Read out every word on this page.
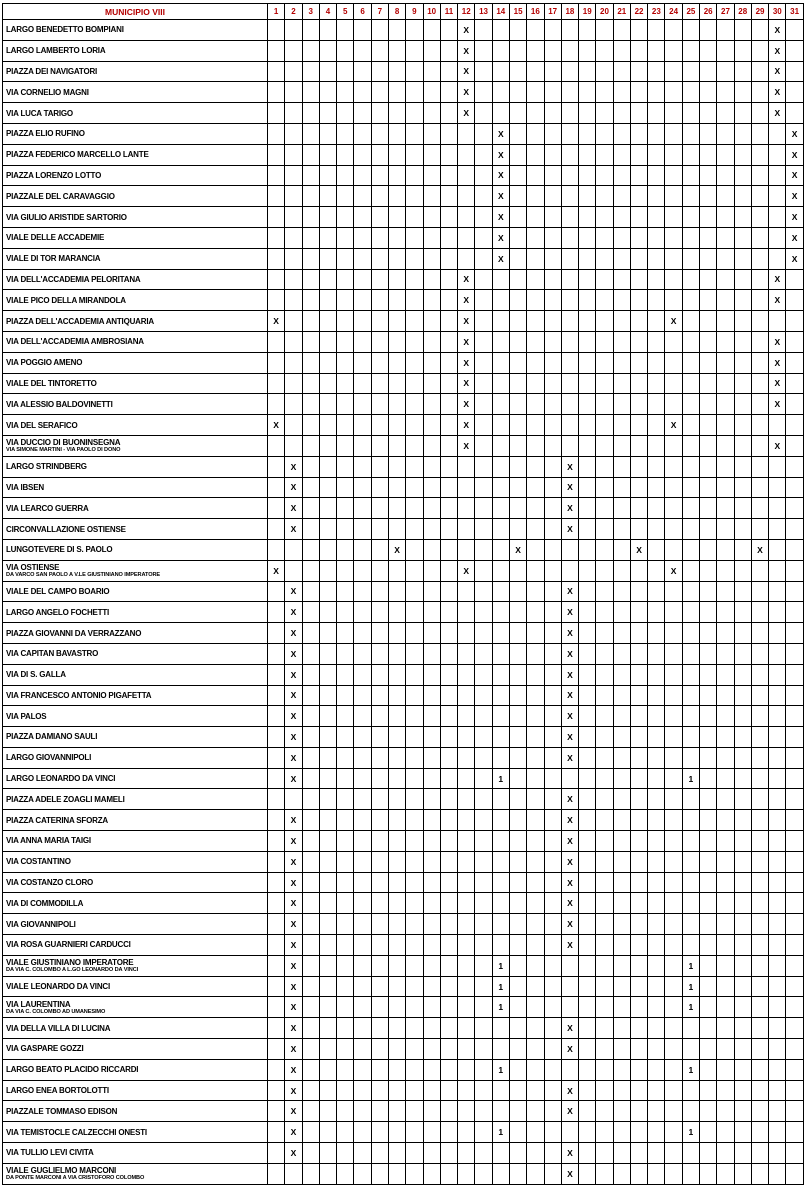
MUNICIPIO VIII	1	2	3	4	5	6	7	8	9	10	11	12	13	14	15	16	17	18	19	20	21	22	23	24	25	26	27	28	29	30	31
LARGO BENEDETTO BOMPIANI												X																		X	
LARGO LAMBERTO LORIA												X																		X	
PIAZZA DEI NAVIGATORI												X																		X	
VIA CORNELIO MAGNI												X																		X	
VIA LUCA TARIGO												X																		X	
PIAZZA ELIO RUFINO														X																	X
PIAZZA FEDERICO MARCELLO LANTE														X																	X
PIAZZA LORENZO LOTTO														X																	X
PIAZZALE DEL CARAVAGGIO														X																	X
VIA GIULIO ARISTIDE SARTORIO														X																	X
VIALE DELLE ACCADEMIE														X																	X
VIALE DI TOR MARANCIA														X																	X
VIA DELL'ACCADEMIA PELORITANA												X																		X	
VIALE PICO DELLA MIRANDOLA												X																		X	
PIAZZA DELL'ACCADEMIA ANTIQUARIA	X											X												X							
VIA DELL'ACCADEMIA AMBROSIANA												X																		X	
VIA POGGIO AMENO												X																		X	
VIALE DEL TINTORETTO												X																		X	
VIA ALESSIO BALDOVINETTI												X																		X	
VIA DEL SERAFICO	X											X												X							
VIA DUCCIO DI BUONINSEGNA
VIA SIMONE MARTINI - VIA PAOLO DI DONO												X																		X	
LARGO STRINDBERG		X																X													
VIA IBSEN		X																X													
VIA LEARCO GUERRA		X																X													
CIRCONVALLAZIONE OSTIENSE		X																X													
LUNGOTEVERE DI S. PAOLO								X							X							X							X		
VIA OSTIENSE
DA VARCO SAN PAOLO A V.LE GIUSTINIANO IMPERATORE	X											X												X							
VIALE DEL CAMPO BOARIO		X																X													
LARGO ANGELO FOCHETTI		X																X													
PIAZZA GIOVANNI DA VERRAZZANO		X																X													
VIA CAPITAN BAVASTRO		X																X													
VIA DI S. GALLA		X																X													
VIA FRANCESCO ANTONIO PIGAFETTA		X																X													
VIA PALOS		X																X													
PIAZZA DAMIANO SAULI		X																X													
LARGO GIOVANNIPOLI		X																X													
LARGO LEONARDO DA VINCI		X												1											1						
PIAZZA ADELE ZOAGLI MAMELI																		X													
PIAZZA CATERINA SFORZA		X																X													
VIA ANNA MARIA TAIGI		X																X													
VIA COSTANTINO		X																X													
VIA COSTANZO CLORO		X																X													
VIA DI COMMODILLA		X																X													
VIA GIOVANNIPOLI		X																X													
VIA ROSA GUARNIERI CARDUCCI		X																X													
VIALE GIUSTINIANO IMPERATORE
DA VIA C. COLOMBO A L.GO LEONARDO DA VINCI		X												1											1						
VIALE LEONARDO DA VINCI		X												1											1						
VIA LAURENTINA
DA VIA C. COLOMBO AD UMANESIMO		X												1											1						
VIA DELLA VILLA DI LUCINA		X																X													
VIA GASPARE GOZZI		X																X													
LARGO BEATO PLACIDO RICCARDI		X												1											1						
LARGO ENEA BORTOLOTTI		X																X													
PIAZZALE TOMMASO EDISON		X																X													
VIA TEMISTOCLE CALZECCHI ONESTI		X												1											1						
VIA TULLIO LEVI CIVITA		X																X													
VIALE GUGLIELMO MARCONI
DA PONTE MARCONI A VIA CRISTOFORO COLOMBO																		X													
